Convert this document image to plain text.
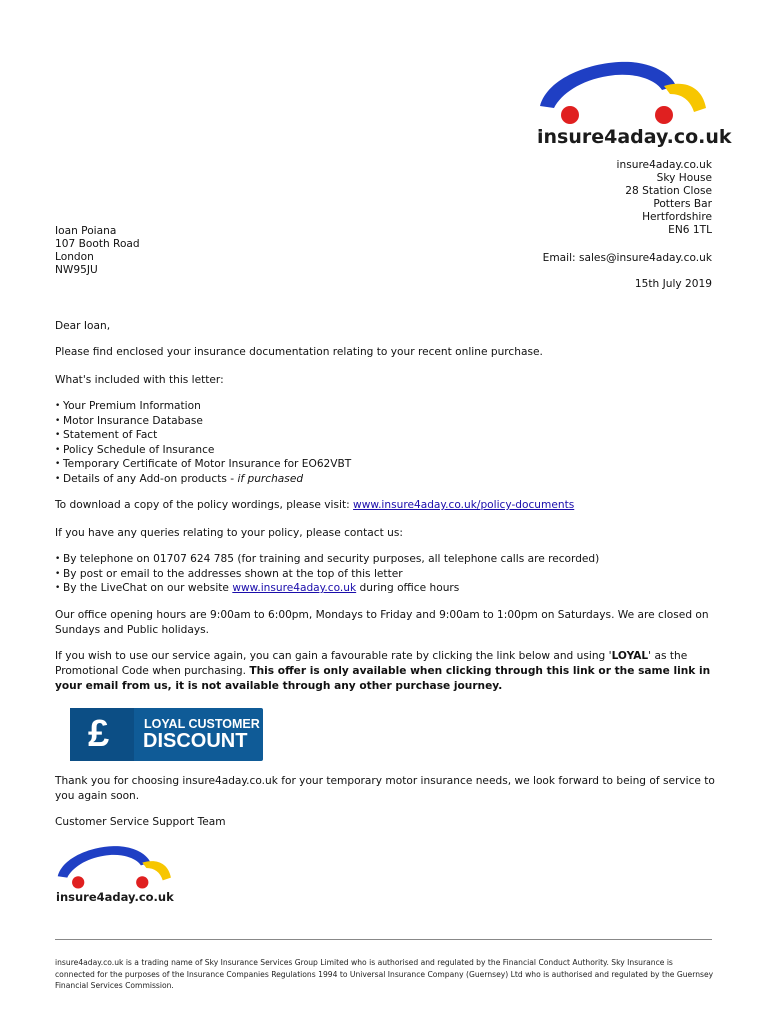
insure4aday.co.uk
insure4aday.co.uk
Sky House
28 Station Close
Potters Bar
Hertfordshire
EN6 1TL
Email: sales@insure4aday.co.uk
15th July 2019
Ioan Poiana
107 Booth Road
London
NW95JU
Dear Ioan,
Please find enclosed your insurance documentation relating to your recent online purchase.
What's included with this letter:
• Your Premium Information
• Motor Insurance Database
• Statement of Fact
• Policy Schedule of Insurance
• Temporary Certificate of Motor Insurance for EO62VBT
• Details of any Add-on products - if purchased
To download a copy of the policy wordings, please visit: www.insure4aday.co.uk/policy-documents
If you have any queries relating to your policy, please contact us:
• By telephone on 01707 624 785 (for training and security purposes, all telephone calls are recorded)
• By post or email to the addresses shown at the top of this letter
• By the LiveChat on our website www.insure4aday.co.uk during office hours
Our office opening hours are 9:00am to 6:00pm, Mondays to Friday and 9:00am to 1:00pm on Saturdays. We are closed on Sundays and Public holidays.
If you wish to use our service again, you can gain a favourable rate by clicking the link below and using 'LOYAL' as the Promotional Code when purchasing. This offer is only available when clicking through this link or the same link in your email from us, it is not available through any other purchase journey.
£	LOYAL CUSTOMER
DISCOUNT
Thank you for choosing insure4aday.co.uk for your temporary motor insurance needs, we look forward to being of service to you again soon.
Customer Service Support Team
insure4aday.co.uk
insure4aday.co.uk is a trading name of Sky Insurance Services Group Limited who is authorised and regulated by the Financial Conduct Authority. Sky Insurance is connected for the purposes of the Insurance Companies Regulations 1994 to Universal Insurance Company (Guernsey) Ltd who is authorised and regulated by the Guernsey Financial Services Commission.
